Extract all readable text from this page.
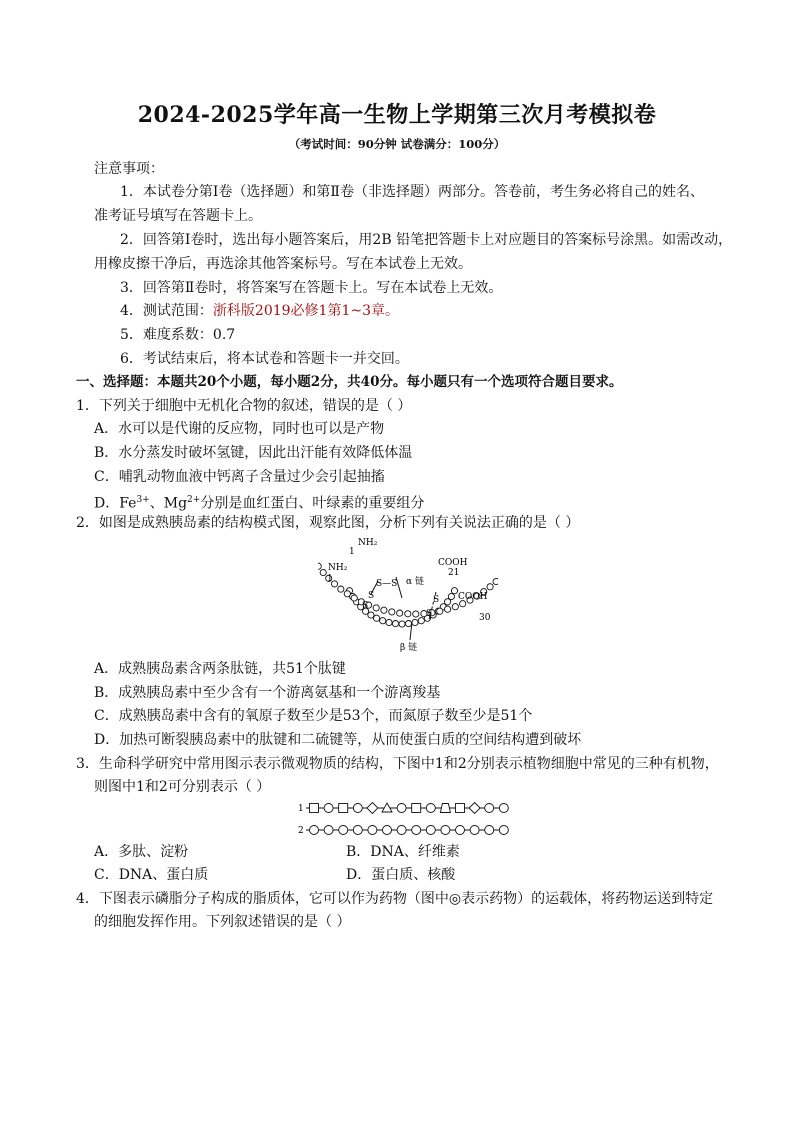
2024-2025学年高一生物上学期第三次月考模拟卷
（考试时间：90分钟 试卷满分：100分）
注意事项：
1．本试卷分第Ⅰ卷（选择题）和第Ⅱ卷（非选择题）两部分。答卷前，考生务必将自己的姓名、
准考证号填写在答题卡上。
2．回答第Ⅰ卷时，选出每小题答案后，用2B 铅笔把答题卡上对应题目的答案标号涂黑。如需改动，
用橡皮擦干净后，再选涂其他答案标号。写在本试卷上无效。
3．回答第Ⅱ卷时，将答案写在答题卡上。写在本试卷上无效。
4．测试范围：浙科版2019必修1第1~3章。
5．难度系数：0.7
6．考试结束后，将本试卷和答题卡一并交回。
一、选择题：本题共20个小题，每小题2分，共40分。每小题只有一个选项符合题目要求。
1．下列关于细胞中无机化合物的叙述，错误的是（ ）
A．水可以是代谢的反应物，同时也可以是产物
B．水分蒸发时破坏氢键，因此出汗能有效降低体温
C．哺乳动物血液中钙离子含量过少会引起抽搐
D．$Fe^{3+}$、$Mg^{2+}$分别是血红蛋白、叶绿素的重要组分
2．如图是成熟胰岛素的结构模式图，观察此图，分析下列有关说法正确的是（ ）
NH₂
1
NH₂
1
COOH
21
COOH
30
S—S α 链
S
S
S
S
β 链
A．成熟胰岛素含两条肽链，共51个肽键
B．成熟胰岛素中至少含有一个游离氨基和一个游离羧基
C．成熟胰岛素中含有的氧原子数至少是53个，而氮原子数至少是51个
D．加热可断裂胰岛素中的肽键和二硫键等，从而使蛋白质的空间结构遭到破坏
3．生命科学研究中常用图示表示微观物质的结构，下图中1和2分别表示植物细胞中常见的三种有机物，
则图中1和2可分别表示（ ）
1
2
A．多肽、淀粉	B．DNA、纤维素
C．DNA、蛋白质	D．蛋白质、核酸
4．下图表示磷脂分子构成的脂质体，它可以作为药物（图中◎表示药物）的运载体，将药物运送到特定
的细胞发挥作用。下列叙述错误的是（ ）
